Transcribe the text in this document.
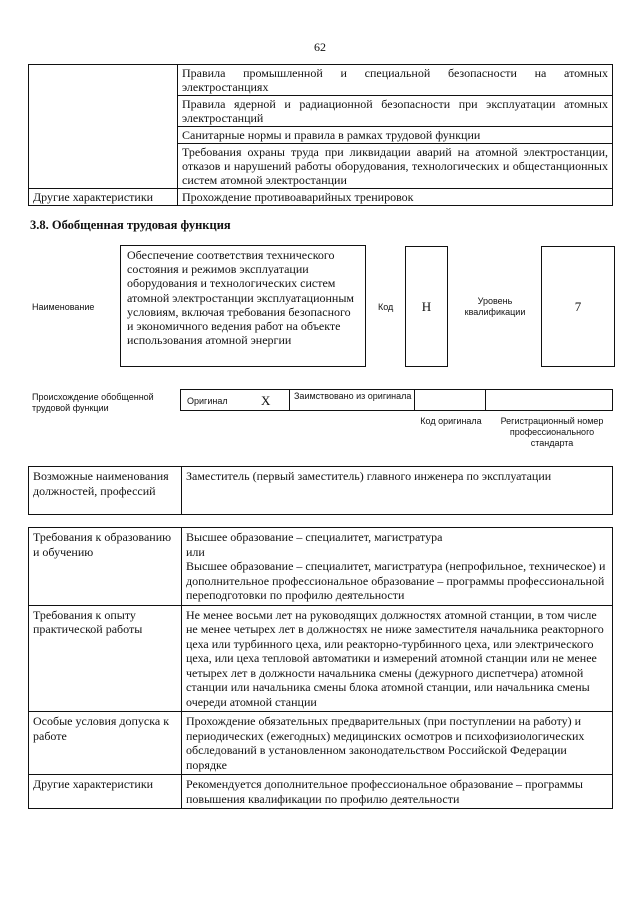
62
	Правила промышленной и специальной безопасности на атомных электростанциях
	Правила ядерной и радиационной безопасности при эксплуатации атомных электростанций
	Санитарные нормы и правила в рамках трудовой функции
	Требования охраны труда при ликвидации аварий на атомной электростанции, отказов и нарушений работы оборудования, технологических и общестанционных систем атомной электростанции
Другие характеристики	Прохождение противоаварийных тренировок
3.8. Обобщенная трудовая функция
Наименование
Обеспечение соответствия технического состояния и режимов эксплуатации оборудования и технологических систем атомной электростанции эксплуатационным условиям, включая требования безопасного и экономичного ведения работ на объекте использования атомной энергии
Код	H	Уровень квалификации	7
Происхождение обобщенной трудовой функции
Оригинал	X	Заимствовано из оригинала
Код оригинала	Регистрационный номер профессионального стандарта
Возможные наименования должностей, профессий	Заместитель (первый заместитель) главного инженера по эксплуатации
Требования к образованию и обучению	Высшее образование – специалитет, магистратура
или
Высшее образование – специалитет, магистратура (непрофильное, техническое) и дополнительное профессиональное образование – программы профессиональной переподготовки по профилю деятельности

Требования к опыту практической работы	Не менее восьми лет на руководящих должностях атомной станции, в том числе не менее четырех лет в должностях не ниже заместителя начальника реакторного цеха или турбинного цеха, или реакторно-турбинного цеха, или электрического цеха, или цеха тепловой автоматики и измерений атомной станции или не менее четырех лет в должности начальника смены (дежурного диспетчера) атомной станции или начальника смены блока атомной станции, или начальника смены очереди атомной станции
Особые условия допуска к работе	Прохождение обязательных предварительных (при поступлении на работу) и периодических (ежегодных) медицинских осмотров и психофизиологических обследований в установленном законодательством Российской Федерации порядке
Другие характеристики	Рекомендуется дополнительное профессиональное образование – программы повышения квалификации по профилю деятельности
